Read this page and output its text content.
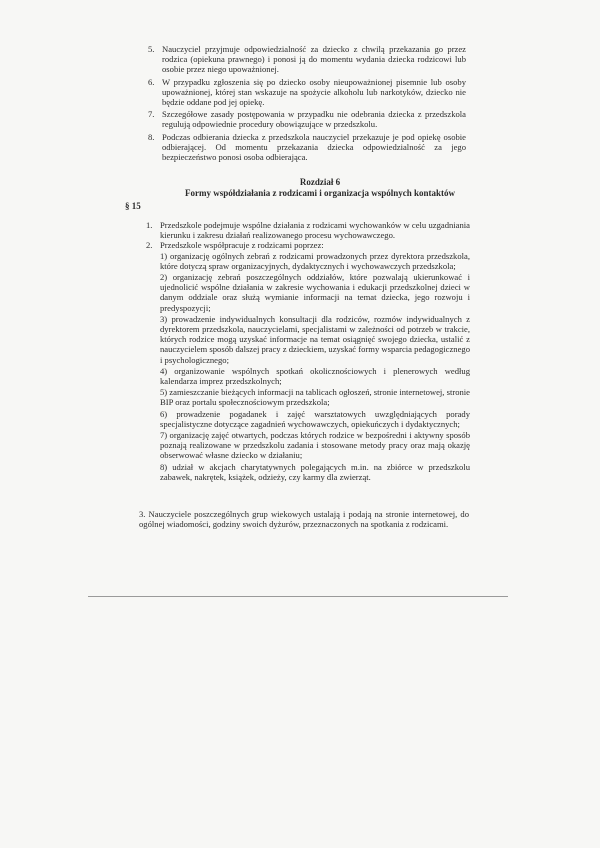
5. Nauczyciel przyjmuje odpowiedzialność za dziecko z chwilą przekazania go przez rodzica (opiekuna prawnego) i ponosi ją do momentu wydania dziecka rodzicowi lub osobie przez niego upoważnionej.
6. W przypadku zgłoszenia się po dziecko osoby nieupoważnionej pisemnie lub osoby upoważnionej, której stan wskazuje na spożycie alkoholu lub narkotyków, dziecko nie będzie oddane pod jej opiekę.
7. Szczegółowe zasady postępowania w przypadku nie odebrania dziecka z przedszkola regulują odpowiednie procedury obowiązujące w przedszkolu.
8. Podczas odbierania dziecka z przedszkola nauczyciel przekazuje je pod opiekę osobie odbierającej. Od momentu przekazania dziecka odpowiedzialność za jego bezpieczeństwo ponosi osoba odbierająca.
Rozdział 6
Formy współdziałania z rodzicami i organizacja wspólnych kontaktów
§ 15
1. Przedszkole podejmuje wspólne działania z rodzicami wychowanków w celu uzgadniania kierunku i zakresu działań realizowanego procesu wychowawczego.
2. Przedszkole współpracuje z rodzicami poprzez:
1) organizację ogólnych zebrań z rodzicami prowadzonych przez dyrektora przedszkola, które dotyczą spraw organizacyjnych, dydaktycznych i wychowawczych przedszkola;
2) organizację zebrań poszczególnych oddziałów, które pozwalają ukierunkować i ujednolicić wspólne działania w zakresie wychowania i edukacji przedszkolnej dzieci w danym oddziale oraz służą wymianie informacji na temat dziecka, jego rozwoju i predyspozycji;
3) prowadzenie indywidualnych konsultacji dla rodziców, rozmów indywidualnych z dyrektorem przedszkola, nauczycielami, specjalistami w zależności od potrzeb w trakcie, których rodzice mogą uzyskać informacje na temat osiągnięć swojego dziecka, ustalić z nauczycielem sposób dalszej pracy z dzieckiem, uzyskać formy wsparcia pedagogicznego i psychologicznego;
4) organizowanie wspólnych spotkań okolicznościowych i plenerowych według kalendarza imprez przedszkolnych;
5) zamieszczanie bieżących informacji na tablicach ogłoszeń, stronie internetowej, stronie BIP oraz portalu społecznościowym przedszkola;
6) prowadzenie pogadanek i zajęć warsztatowych uwzględniających porady specjalistyczne dotyczące zagadnień wychowawczych, opiekuńczych i dydaktycznych;
7) organizację zajęć otwartych, podczas których rodzice w bezpośredni i aktywny sposób poznają realizowane w przedszkolu zadania i stosowane metody pracy oraz mają okazję obserwować własne dziecko w działaniu;
8) udział w akcjach charytatywnych polegających m.in. na zbiórce w przedszkolu zabawek, nakrętek, książek, odzieży, czy karmy dla zwierząt.
3. Nauczyciele poszczególnych grup wiekowych ustalają i podają na stronie internetowej, do ogólnej wiadomości, godziny swoich dyżurów, przeznaczonych na spotkania z rodzicami.
